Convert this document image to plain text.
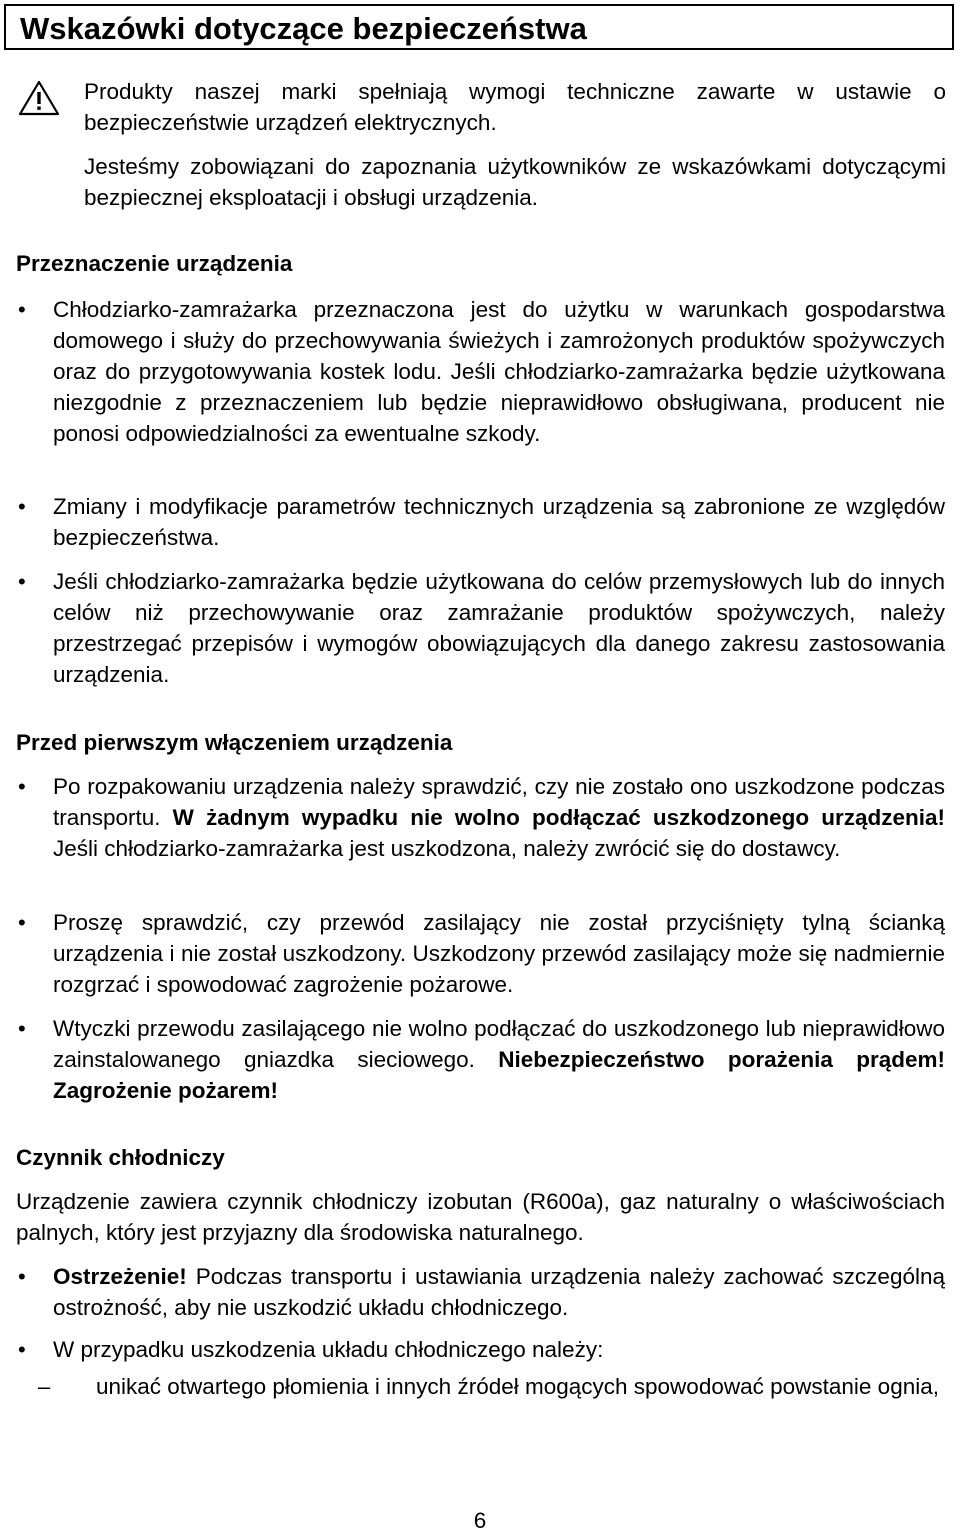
Wskazówki dotyczące bezpieczeństwa

Produkty naszej marki spełniają wymogi techniczne zawarte w ustawie o bezpieczeństwie urządzeń elektrycznych.

Jesteśmy zobowiązani do zapoznania użytkowników ze wskazówkami dotyczącymi bezpiecznej eksploatacji i obsługi urządzenia.

Przeznaczenie urządzenia
• Chłodziarko-zamrażarka przeznaczona jest do użytku w warunkach gospodarstwa domowego i służy do przechowywania świeżych i zamrożonych produktów spożywczych oraz do przygotowywania kostek lodu. Jeśli chłodziarko-zamrażarka będzie użytkowana niezgodnie z przeznaczeniem lub będzie nieprawidłowo obsługiwana, producent nie ponosi odpowiedzialności za ewentualne szkody.

• Zmiany i modyfikacje parametrów technicznych urządzenia są zabronione ze względów bezpieczeństwa.

• Jeśli chłodziarko-zamrażarka będzie użytkowana do celów przemysłowych lub do innych celów niż przechowywanie oraz zamrażanie produktów spożywczych, należy przestrzegać przepisów i wymogów obowiązujących dla danego zakresu zastosowania urządzenia.

Przed pierwszym włączeniem urządzenia
• Po rozpakowaniu urządzenia należy sprawdzić, czy nie zostało ono uszkodzone podczas transportu. W żadnym wypadku nie wolno podłączać uszkodzonego urządzenia! Jeśli chłodziarko-zamrażarka jest uszkodzona, należy zwrócić się do dostawcy.

• Proszę sprawdzić, czy przewód zasilający nie został przyciśnięty tylną ścianką urządzenia i nie został uszkodzony. Uszkodzony przewód zasilający może się nadmiernie rozgrzać i spowodować zagrożenie pożarowe.

• Wtyczki przewodu zasilającego nie wolno podłączać do uszkodzonego lub nieprawidłowo zainstalowanego gniazdka sieciowego. Niebezpieczeństwo porażenia prądem! Zagrożenie pożarem!

Czynnik chłodniczy

Urządzenie zawiera czynnik chłodniczy izobutan (R600a), gaz naturalny o właściwościach palnych, który jest przyjazny dla środowiska naturalnego.

• Ostrzeżenie! Podczas transportu i ustawiania urządzenia należy zachować szczególną ostrożność, aby nie uszkodzić układu chłodniczego.

• W przypadku uszkodzenia układu chłodniczego należy:

– unikać otwartego płomienia i innych źródeł mogących spowodować powstanie ognia,

6
